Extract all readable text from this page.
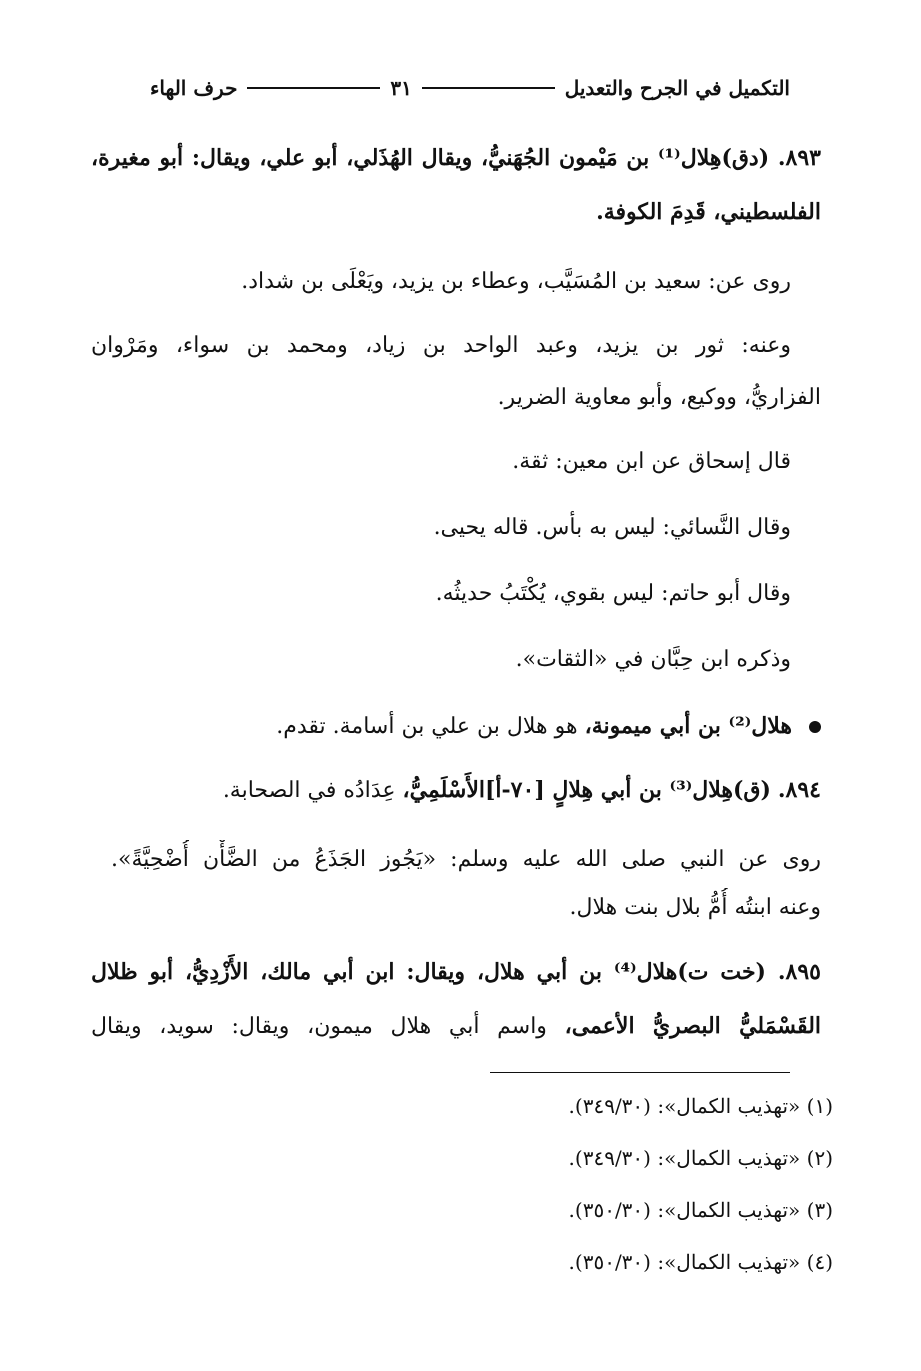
التكميل في الجرح والتعديل
٣١
حرف الهاء
٨٩٣. (دق)هِلال⁽¹⁾ بن مَيْمون الجُهَنيُّ، ويقال الهُذَلي، أبو علي، ويقال: أبو مغيرة،
الفلسطيني، قَدِمَ الكوفة.
روى عن: سعيد بن المُسَيَّب، وعطاء بن يزيد، ويَعْلَى بن شداد.
وعنه: ثور بن يزيد، وعبد الواحد بن زياد، ومحمد بن سواء، ومَرْوان
الفزاريُّ، ووكيع، وأبو معاوية الضرير.
قال إسحاق عن ابن معين: ثقة.
وقال النَّسائي: ليس به بأس. قاله يحيى.
وقال أبو حاتم: ليس بقوي، يُكْتَبُ حديثُه.
وذكره ابن حِبَّان في «الثقات».
هلال⁽²⁾ بن أبي ميمونة، هو هلال بن علي بن أسامة. تقدم.
٨٩٤. (ق)هِلال⁽³⁾ بن أبي هِلالٍ [٧٠-أ]الأَسْلَمِيُّ، عِدَادُه في الصحابة.
روى عن النبي صلى الله عليه وسلم: «يَجُوز الجَذَعُ من الضَّأْن أُضْحِيَّةً».
وعنه ابنتُه أُمُّ بلال بنت هلال.
٨٩٥. (خت ت)هلال⁽⁴⁾ بن أبي هلال، ويقال: ابن أبي مالك، الأَزْدِيُّ، أبو ظلال
القَسْمَليُّ البصريُّ الأعمى، واسم أبي هلال ميمون، ويقال: سويد، ويقال
(١) «تهذيب الكمال»: (٣٤٩/٣٠).
(٢) «تهذيب الكمال»: (٣٤٩/٣٠).
(٣) «تهذيب الكمال»: (٣٥٠/٣٠).
(٤) «تهذيب الكمال»: (٣٥٠/٣٠).
